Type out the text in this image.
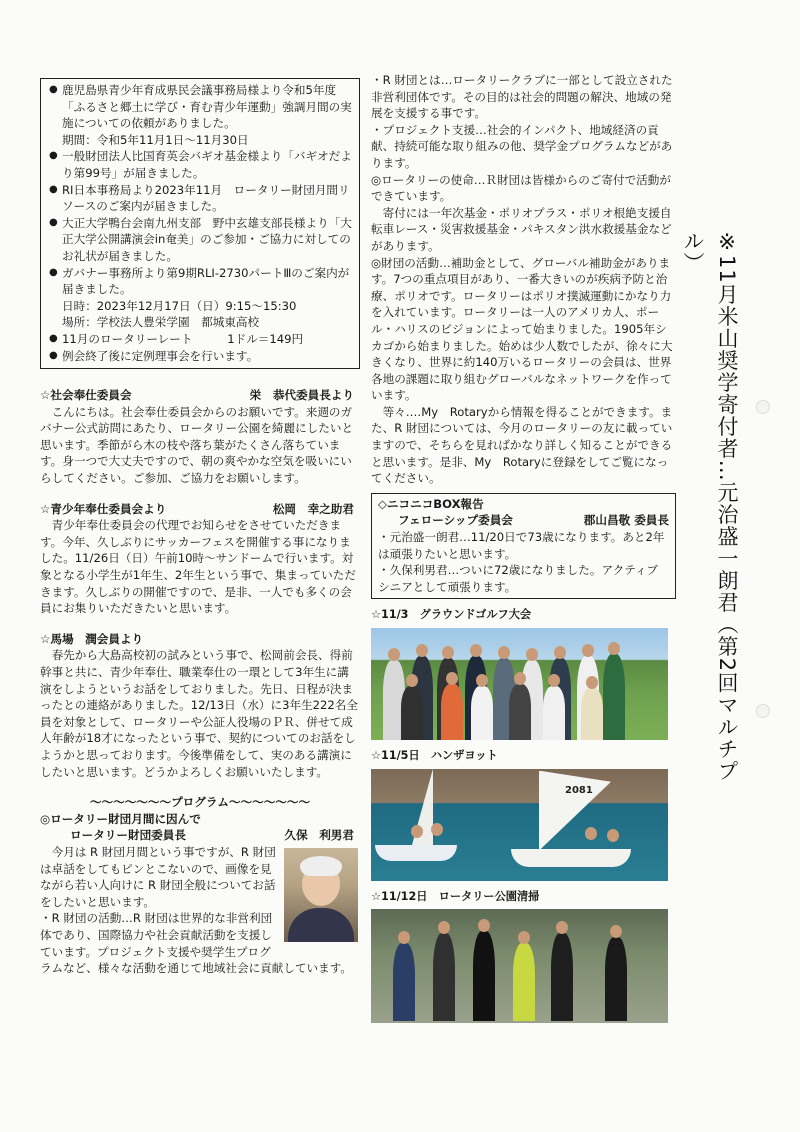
● 鹿児島県青少年育成県民会議事務局様より令和5年度「ふるさと郷土に学び・育む青少年運動」強調月間の実施についての依頼がありました。
期間：令和5年11月1日〜11月30日
● 一般財団法人比国育英会バギオ基金様より「バギオだより第99号」が届きました。
● RI日本事務局より2023年11月　ロータリー財団月間リソースのご案内が届きました。
● 大正大学鴨台会南九州支部　野中玄雄支部長様より「大正大学公開講演会in奄美」のご参加・ご協力に対してのお礼状が届きました。
● ガバナー事務所より第9期RLI-2730パートⅢのご案内が届きました。
日時：2023年12月17日（日）9:15〜15:30
場所：学校法人豊栄学園　都城東高校
● 11月のロータリーレート　　　1ドル＝149円
● 例会終了後に定例理事会を行います。
☆社会奉仕委員会	栄　恭代委員長より

こんにちは。社会奉仕委員会からのお願いです。来週のガバナー公式訪問にあたり、ロータリー公園を綺麗にしたいと思います。季節がら木の枝や落ち葉がたくさん落ちています。身一つで大丈夫ですので、朝の爽やかな空気を吸いにいらしてください。ご参加、ご協力をお願いします。

☆青少年奉仕委員会より	松岡　幸之助君

青少年奉仕委員会の代理でお知らせをさせていただきます。今年、久しぶりにサッカーフェスを開催する事になりました。11/26日（日）午前10時〜サンドームで行います。対象となる小学生が1年生、2年生という事で、集まっていただきます。久しぶりの開催ですので、是非、一人でも多くの会員にお集りいただきたいと思います。

☆馬場　潤会員より

春先から大島高校初の試みという事で、松岡前会長、得前幹事と共に、青少年奉仕、職業奉仕の一環として3年生に講演をしようというお話をしておりました。先日、日程が決まったとの連絡がありました。12/13日（水）に3年生222名全員を対象として、ロータリーや公証人役場のＰＲ、併せて成人年齢が18才になったという事で、契約についてのお話をしようかと思っております。今後準備をして、実のある講演にしたいと思います。どうかよろしくお願いいたします。

〜〜〜〜〜〜〜プログラム〜〜〜〜〜〜〜
◎ロータリー財団月間に因んで
ロータリー財団委員長	久保　利男君

今月は R 財団月間という事ですが、R 財団は卓話をしてもピンとこないので、画像を見ながら若い人向けに R 財団全般についてお話をしたいと思います。

・R 財団の活動…R 財団は世界的な非営利団体であり、国際協力や社会貢献活動を支援しています。プロジェクト支援や奨学生プログラムなど、様々な活動を通じて地域社会に貢献しています。

・R 財団とは…ロータリークラブに一部として設立された非営利団体です。その目的は社会的問題の解決、地域の発展を支援する事です。

・プロジェクト支援…社会的インパクト、地域経済の貢献、持続可能な取り組みの他、奨学金プログラムなどがあります。

◎ロータリーの使命…Ｒ財団は皆様からのご寄付で活動ができています。

寄付には一年次基金・ポリオプラス・ポリオ根絶支援自転車レース・災害救援基金・パキスタン洪水救援基金などがあります。

◎財団の活動…補助金として、グローバル補助金があります。7つの重点項目があり、一番大きいのが疾病予防と治療、ポリオです。ロータリーはポリオ撲滅運動にかなり力を入れています。ロータリーは一人のアメリカ人、ポール・ハリスのビジョンによって始まりました。1905年シカゴから始まりました。始めは少人数でしたが、徐々に大きくなり、世界に約140万いるロータリーの会員は、世界各地の課題に取り組むグローバルなネットワークを作っています。

等々‥‥My　Rotaryから情報を得ることができます。また、R 財団については、今月のロータリーの友に載っていますので、そちらを見ればかなり詳しく知ることができると思います。是非、My　Rotaryに登録をしてご覧になってください。

◇ニコニコBOX報告
フェローシップ委員会	郡山昌敬 委員長
・元治盛一朗君…11/20日で73歳になります。あと2年は頑張りたいと思います。
・久保利男君…ついに72歳になりました。アクティブシニアとして頑張ります。
☆11/3　グラウンドゴルフ大会
☆11/5日　ハンザヨット
2081
☆11/12日　ロータリー公園清掃
※11月米山奨学寄付者…元治盛一朗君（第2回マルチプル）
